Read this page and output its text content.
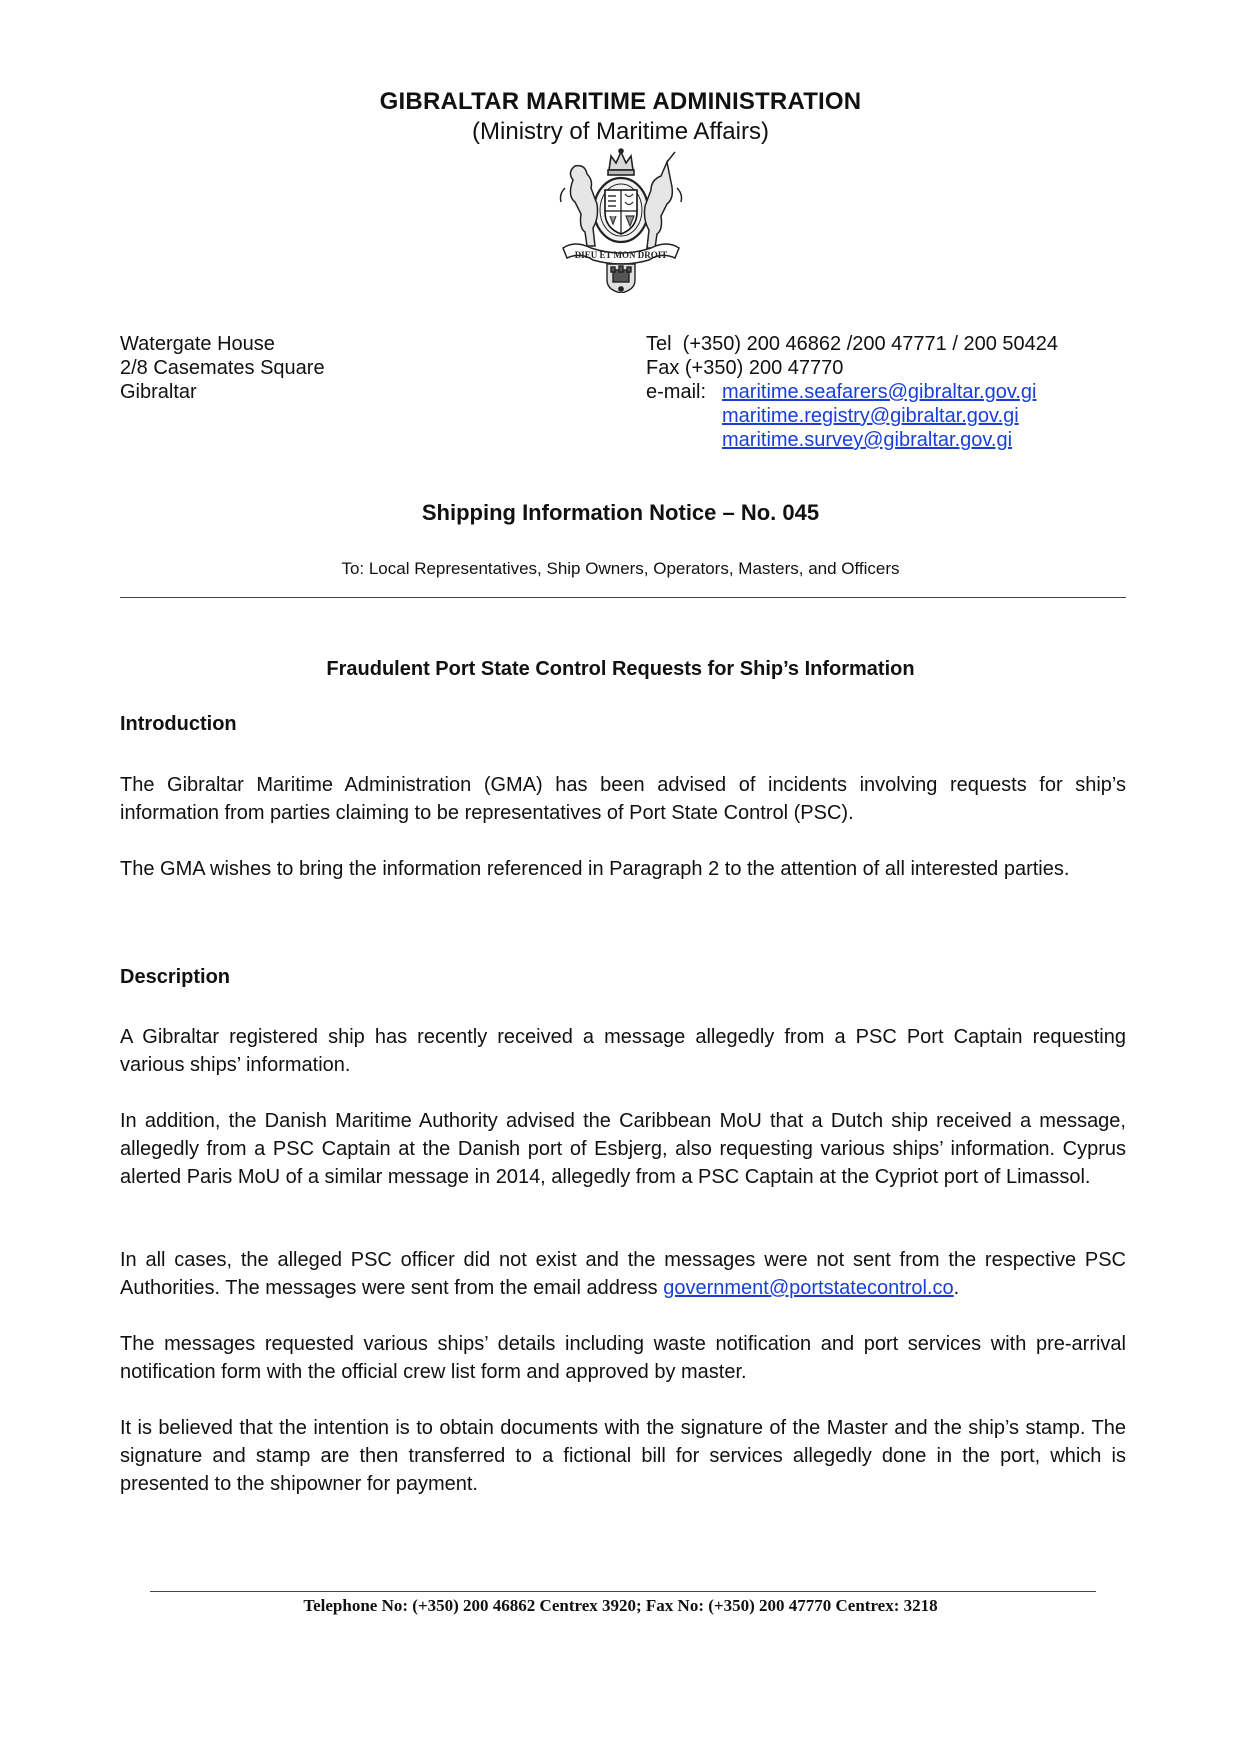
GIBRALTAR MARITIME ADMINISTRATION
(Ministry of Maritime Affairs)
DIEU ET MON DROIT
Watergate House
2/8 Casemates Square
Gibraltar
Tel  (+350) 200 46862 /200 47771 / 200 50424
Fax (+350) 200 47770
e-mail: maritime.seafarers@gibraltar.gov.gi
maritime.registry@gibraltar.gov.gi
maritime.survey@gibraltar.gov.gi
Shipping Information Notice – No. 045
To: Local Representatives, Ship Owners, Operators, Masters, and Officers
Fraudulent Port State Control Requests for Ship’s Information
Introduction

The Gibraltar Maritime Administration (GMA) has been advised of incidents involving requests for ship’s information from parties claiming to be representatives of Port State Control (PSC).

The GMA wishes to bring the information referenced in Paragraph 2 to the attention of all interested parties.

Description

A Gibraltar registered ship has recently received a message allegedly from a PSC Port Captain requesting various ships’ information.

In addition, the Danish Maritime Authority advised the Caribbean MoU that a Dutch ship received a message, allegedly from a PSC Captain at the Danish port of Esbjerg, also requesting various ships’ information. Cyprus alerted Paris MoU of a similar message in 2014, allegedly from a PSC Captain at the Cypriot port of Limassol.

In all cases, the alleged PSC officer did not exist and the messages were not sent from the respective PSC Authorities. The messages were sent from the email address government@portstatecontrol.co.

The messages requested various ships’ details including waste notification and port services with pre-arrival notification form with the official crew list form and approved by master.

It is believed that the intention is to obtain documents with the signature of the Master and the ship’s stamp. The signature and stamp are then transferred to a fictional bill for services allegedly done in the port, which is presented to the shipowner for payment.

Telephone No: (+350) 200 46862 Centrex 3920; Fax No: (+350) 200 47770 Centrex: 3218
